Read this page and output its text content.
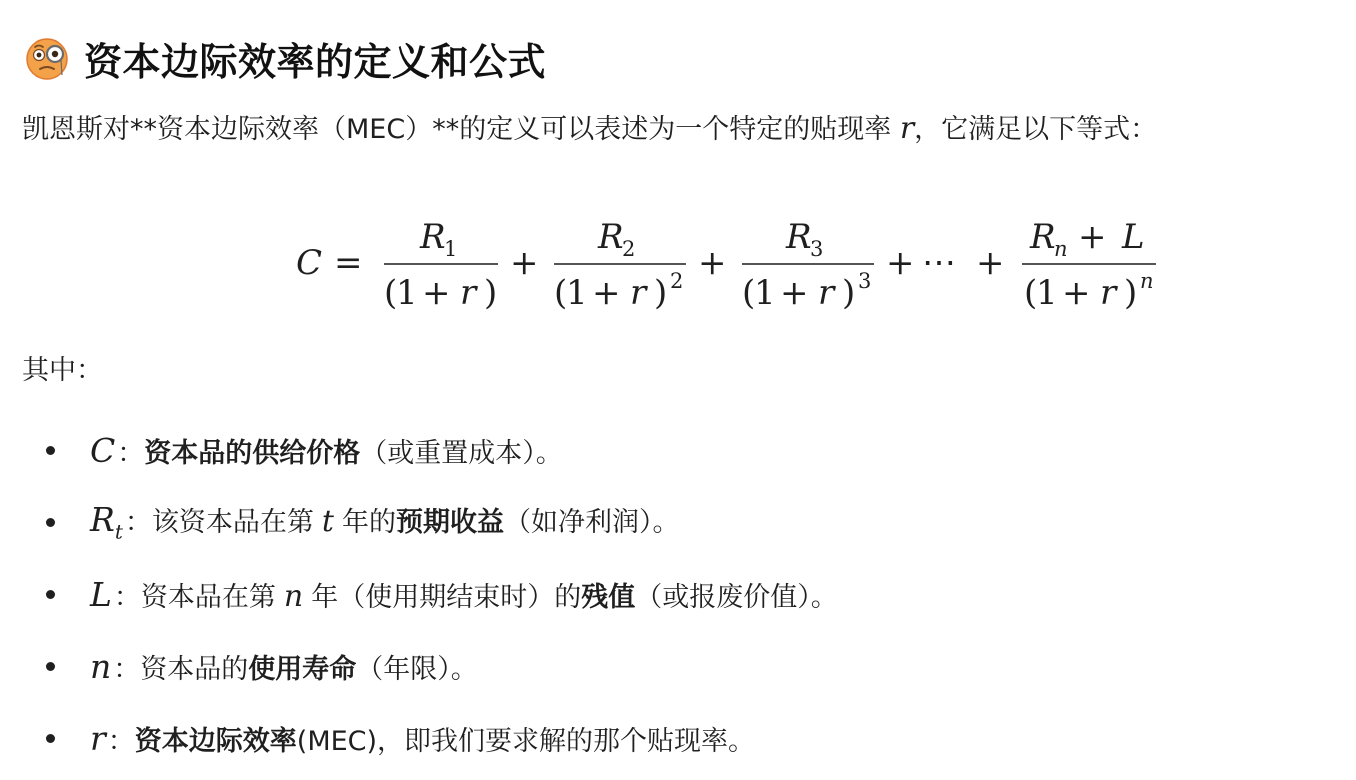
资本边际效率的定义和公式
凯恩斯对**资本边际效率（MEC）**的定义可以表述为一个特定的贴现率 r，它满足以下等式：
C =
R
1
(
1 + r )
+
R
2
(
1 + r ) 2 +
R
3
(
1 + r ) 3 + ⋯ +
R
n + L
(
1 + r ) n
其中：
C ： 资本品的供给价格 （或重置成本）。
$R_t$ ： 该资本品在第 t 年的 预期收益 （如净利润）。
L ： 资本品在第 n 年（使用期结束时）的 残值 （或报废价值）。
n ： 资本品的 使用寿命 （年限）。
r ： 资本边际效率 (MEC)，即我们要求解的那个贴现率。
